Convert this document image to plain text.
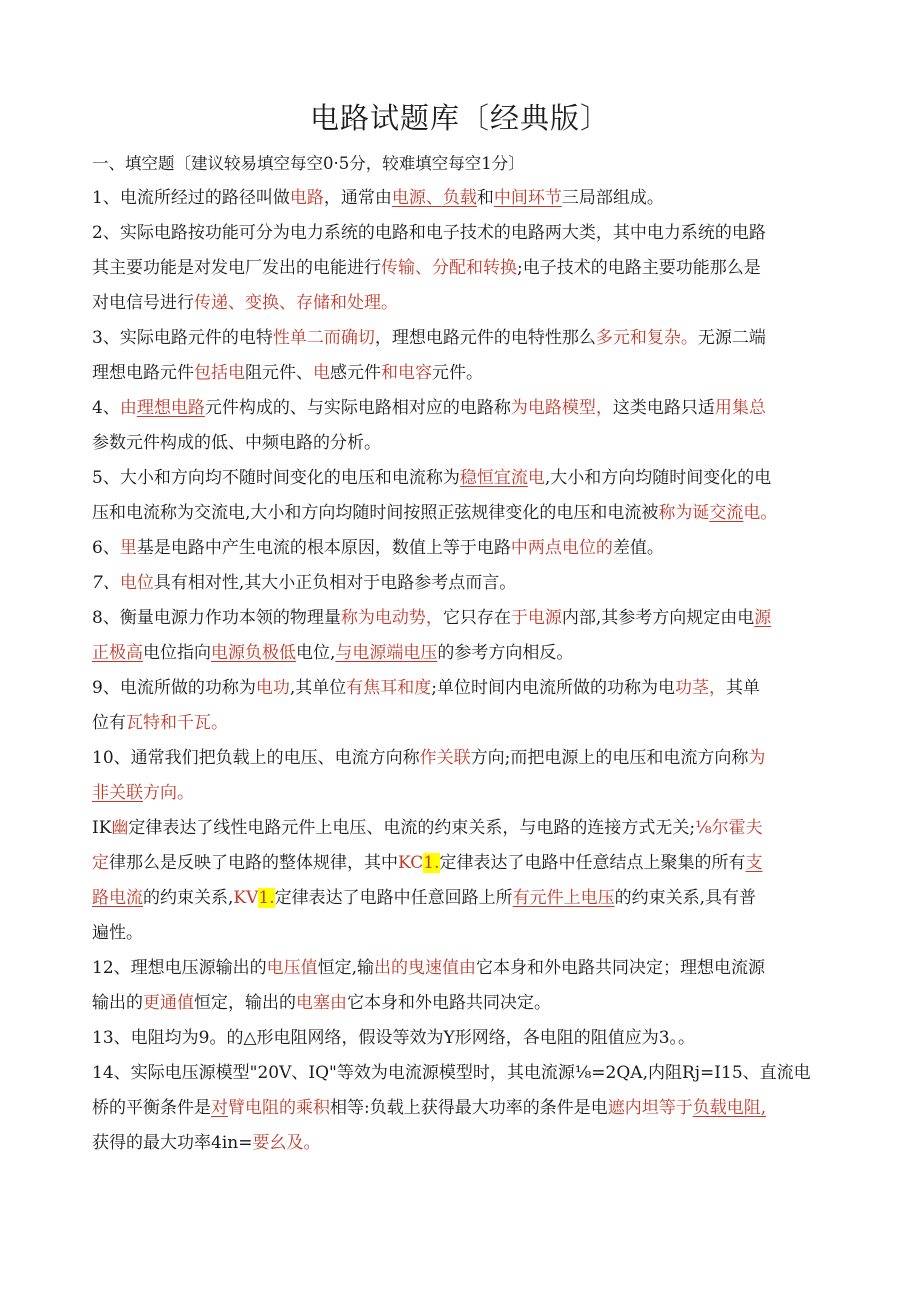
电路试题库〔经典版〕
一、填空题〔建议较易填空每空0·5分，较难填空每空1分〕
1、电流所经过的路径叫做电路，通常由电源、负载和中间环节三局部组成。
2、实际电路按功能可分为电力系统的电路和电子技术的电路两大类，其中电力系统的电路
其主要功能是对发电厂发出的电能进行传输、分配和转换;电子技术的电路主要功能那么是
对电信号进行传递、变换、存储和处理。
3、实际电路元件的电特性单二而确切，理想电路元件的电特性那么多元和复杂。无源二端
理想电路元件包括电阻元件、电感元件和电容元件。
4、由理想电路元件构成的、与实际电路相对应的电路称为电路模型，这类电路只适用集总
参数元件构成的低、中频电路的分析。
5、大小和方向均不随时间变化的电压和电流称为稳恒宜流电,大小和方向均随时间变化的电
压和电流称为交流电,大小和方向均随时间按照正弦规律变化的电压和电流被称为诞交流电。
6、里基是电路中产生电流的根本原因，数值上等于电路中两点电位的差值。
7、电位具有相对性,其大小正负相对于电路参考点而言。
8、衡量电源力作功本领的物理量称为电动势，它只存在于电源内部,其参考方向规定由电源
正极高电位指向电源负极低电位,与电源端电压的参考方向相反。
9、电流所做的功称为电功,其单位有焦耳和度;单位时间内电流所做的功称为电功茎，其单
位有瓦特和千瓦。
10、通常我们把负载上的电压、电流方向称作关联方向;而把电源上的电压和电流方向称为
非关联方向。
IK幽定律表达了线性电路元件上电压、电流的约束关系，与电路的连接方式无关;⅛尔霍夫
定律那么是反映了电路的整体规律，其中KC1.定律表达了电路中任意结点上聚集的所有支
路电流的约束关系,KV1.定律表达了电路中任意回路上所有元件上电压的约束关系,具有普
遍性。
12、理想电压源输出的电压值恒定,输出的曳速值由它本身和外电路共同决定；理想电流源
输出的更通值恒定，输出的电塞由它本身和外电路共同决定。
13、电阻均为9。的△形电阻网络，假设等效为Y形网络，各电阻的阻值应为3。。
14、实际电压源模型"20V、IQ"等效为电流源模型时，其电流源⅛=2QA,内阻Rj=I15、直流电
桥的平衡条件是对臂电阻的乘积相等:负载上获得最大功率的条件是电遮内坦等于负载电阻,
获得的最大功率4in=要幺及。
